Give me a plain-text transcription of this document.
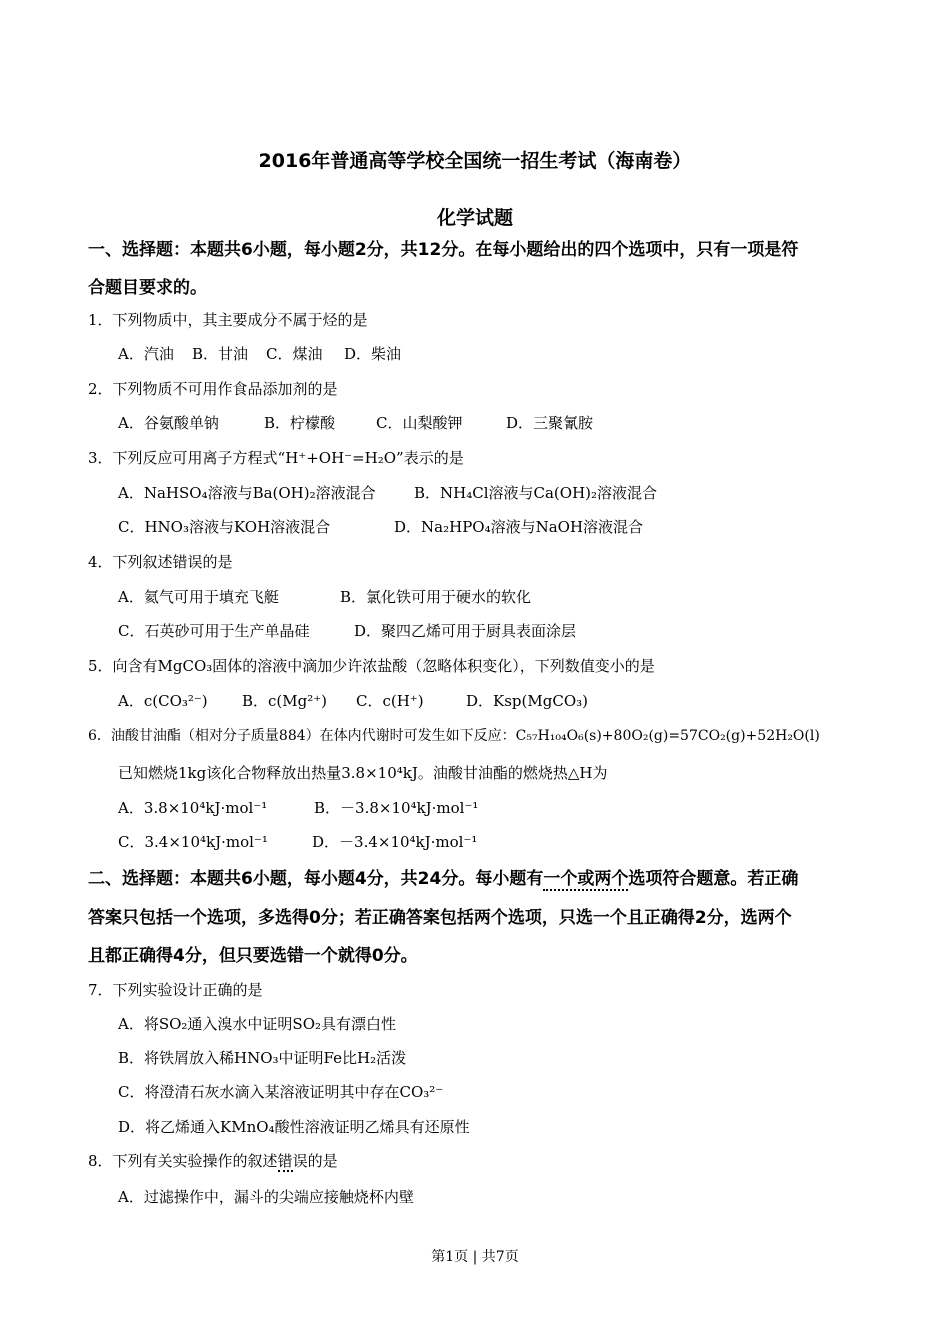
2016年普通高等学校全国统一招生考试（海南卷）
化学试题
一、选择题：本题共6小题，每小题2分，共12分。在每小题给出的四个选项中，只有一项是符
合题目要求的。
1．下列物质中，其主要成分不属于烃的是
A．汽油 B．甘油 C．煤油 D．柴油
2．下列物质不可用作食品添加剂的是
A．谷氨酸单钠	B．柠檬酸	C．山梨酸钾	D．三聚氰胺
3．下列反应可用离子方程式“H⁺+OH⁻=H₂O”表示的是
A．NaHSO₄溶液与Ba(OH)₂溶液混合	B．NH₄Cl溶液与Ca(OH)₂溶液混合
C．HNO₃溶液与KOH溶液混合	D．Na₂HPO₄溶液与NaOH溶液混合
4．下列叙述错误的是
A．氦气可用于填充飞艇	B．氯化铁可用于硬水的软化
C．石英砂可用于生产单晶硅	D．聚四乙烯可用于厨具表面涂层
5．向含有MgCO₃固体的溶液中滴加少许浓盐酸（忽略体积变化），下列数值变小的是
A．c(CO₃²⁻) B．c(Mg²⁺) C．c(H⁺)	D．Ksp(MgCO₃)
6．油酸甘油酯（相对分子质量884）在体内代谢时可发生如下反应：C₅₇H₁₀₄O₆(s)+80O₂(g)=57CO₂(g)+52H₂O(l)
已知燃烧1kg该化合物释放出热量3.8×10⁴kJ。油酸甘油酯的燃烧热△H为
A．3.8×10⁴kJ·mol⁻¹	B．－3.8×10⁴kJ·mol⁻¹
C．3.4×10⁴kJ·mol⁻¹	D．－3.4×10⁴kJ·mol⁻¹
二、选择题：本题共6小题，每小题4分，共24分。每小题有一个或两个选项符合题意。若正确
答案只包括一个选项，多选得0分；若正确答案包括两个选项，只选一个且正确得2分，选两个
且都正确得4分，但只要选错一个就得0分。
7．下列实验设计正确的是
A．将SO₂通入溴水中证明SO₂具有漂白性
B．将铁屑放入稀HNO₃中证明Fe比H₂活泼
C．将澄清石灰水滴入某溶液证明其中存在CO₃²⁻
D．将乙烯通入KMnO₄酸性溶液证明乙烯具有还原性
8．下列有关实验操作的叙述错误的是
A．过滤操作中，漏斗的尖端应接触烧杯内壁
第1页 | 共7页
